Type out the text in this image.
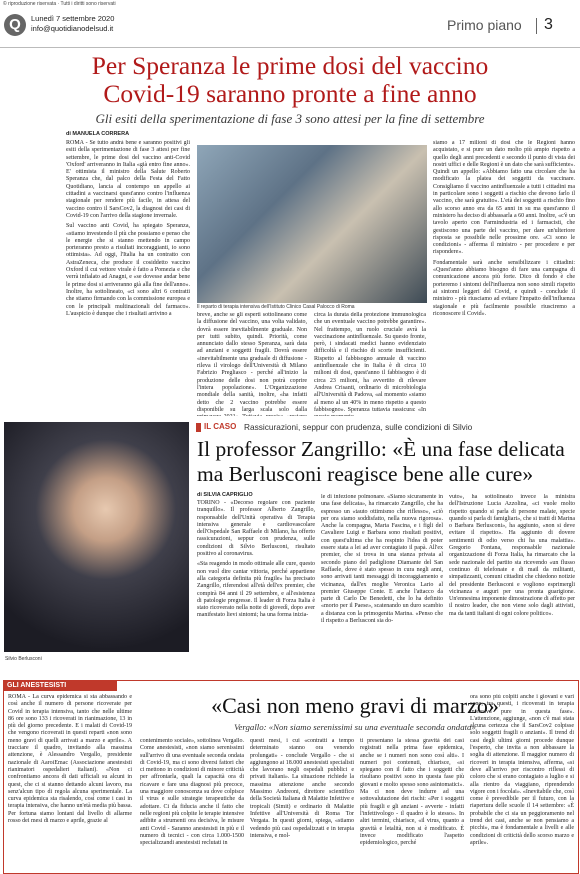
© riproduzione riservata · Tutti i diritti sono riservati
Q	Lunedì 7 settembre 2020
info@quotidianodelsud.it	Primo piano 3
Per Speranza le prime dosi del vaccino
Covid-19 saranno pronte a fine anno
Gli esiti della sperimentazione di fase 3 sono attesi per la fine di settembre
di MANUELA CORRERA
ROMA - Se tutto andrà bene e saranno positivi gli esiti della sperimentazione di fase 3 attesi per fine settembre, le prime dosi del vaccino anti-Covid 'Oxford' arriveranno in Italia «già entro fine anno». E' ottimista il ministro della Salute Roberto Speranza che, dal palco della Festa del Fatto Quotidiano, lancia al contempo un appello ai cittadini a vaccinarsi quest'anno contro l'influenza stagionale per rendere più facile, in attesa del vaccino contro il SarsCov2, la diagnosi dei casi di Covid-19 con l'arrivo della stagione invernale.
Sul vaccino anti Covid, ha spiegato Speranza, «stiamo investendo il più che possiamo e penso che le energie che si stanno mettendo in campo porteranno presto a risultati incoraggianti, io sono ottimista». Ad oggi, l'Italia ha un contratto con AstraZeneca, che produce il cosiddetto vaccino Oxford il cui vettore virale è fatto a Pomezia e che verrà infialato ad Anagni, e «se dovesse andar bene le prime dosi si arriveranno già alla fine dell'anno». Inoltre, ha sottolineato, «ci sono altri 6 contratti che stiamo firmando con la commissione europea e con le principali multinazionali del farmaco». L'auspicio è dunque che i risultati arrivino a
Il reparto di terapia intensiva dell’Istituto Clinico Casal Palocco di Roma
breve, anche se gli esperti sottolineano come la diffusione del vaccino, una volta validato, dovrà essere inevitabilmente graduale. Non per tutti subito, quindi. Priorità, come annunciato dallo stesso Speranza, sarà data ad anziani e soggetti fragili. Dovrà essere «inevitabilmente una graduale di diffusione - rileva il virologo dell'Università di Milano Fabrizio Pregliasco - perché all'inizio la produzione delle dosi non potrà coprire l'intera popolazione». L'Organizzazione mondiale della sanità, inoltre, «ha infatti detto che 2 vaccino potrebbe essere disponibile su larga scala solo dalla
circa la durata della protezione immunologica che un eventuale vaccino potrebbe garantire». Nel frattempo, un ruolo cruciale avrà la vaccinazione antinfluenzale. Su questo fronte, però, i sindacati medici hanno evidenziato difficoltà e il rischio di scorte insufficienti. Rispetto al fabbisogno annuale di vaccino antinfluenzale che in Italia è di circa 10 milioni di dosi, quest'anno il fabbisogno è di circa 23 milioni, ha avvertito di rilevare Andrea Crisanti, ordinario di microbiologia all'Università di Padova, «al momento «siamo al meno al un 40% in meno rispetto a questo fabbisogno». Speranza tuttavia rassicura: «In
siamo a 17 milioni di dosi che le Regioni hanno acquistato, e si pure un dato molto più ampio rispetto a quello degli anni precedenti e secondo il punto di vista dei nostri uffici e delle Regioni è un dato che sarà sufficiente». Quindi un appello: «Abbiamo fatto una circolare che ha modificato la platea dei soggetti da vaccinare. Consigliamo il vaccino antinfluenzale a tutti i cittadini ma in particolare sono i soggetti a rischio che devono farlo il vaccino, che sarà gratuito». L'età dei soggetti a rischio fino allo scorso anno era da 65 anni in su ma quest'anno il ministero ha deciso di abbassarla a 60 anni. Inoltre, «c'è un tavolo aperto con Farmindustria ed i farmacisti, che gestiscono una parte del vaccino, per dare un'ulteriore risposta se possibile nelle prossime ore. «Ci sono le condizioni» - afferma il ministro - per procedere e per rispondere».
Fondamentale sarà anche sensibilizzare i cittadini: «Quest'anno abbiamo bisogno di fare una campagna di comunicazione ancora più forte. Dico di fondo è che porteremo i sintomi dell'influenza non sono simili rispetto ai sintomi leggeri del Covid, e quindi - conclude il ministro - più riusciamo ad evitare l'impatto dell'influenza stagionale e più facilmente possibile riusciremo a riconoscere il Covid».
Silvio Berlusconi
IL CASO Rassicurazioni, seppur con prudenza, sulle condizioni di Silvio
Il professor Zangrillo: «È una fase delicata
ma Berlusconi reagisce bene alle cure»
di SILVIA CAPRIGLIO
TORINO - «Decorso regolare con paziente tranquillo». Il professor Alberto Zangrillo, responsabile dell'Unità operativa di Terapia intensiva generale e cardiovascolare dell'Ospedale San Raffaele di Milano, ha offerto rassicurazioni, seppur con prudenza, sulle condizioni di Silvio Berlusconi, risultato positivo al coronavirus.
«Sta reagendo in modo ottimale alle cure, questo non vuol dire cantar vittoria, perché appartiene alla categoria definita più fragile» ha precisato Zangrillo, riferendosi all'età dell'ex premier, che compirà 84 anni il 29 settembre, e all'esistenza di patologie pregresse. Il leader di Forza Italia è stato ricoverato nella notte di giovedì, dopo aver manifestato lievi sintomi; ha una forma inizia-
le di infezione polmonare. «Siamo sicuramente in una fase delicata», ha rimarcato Zangrillo, che ha espresso un «tauto ottimismo che riflesso», «ciò per ora siamo soddisfatto, nella nuova rigorosa». Anche la compagna, Marta Fascina, e i figli del Cavaliere Luigi e Barbara sono risultati positivi, con quest'ultima che ha respinto l'idea di poter essere stata a lei ad aver contagiato il papà. All'ex premier, che si trova in una stanza privata al secondo piano del padiglione Diamante del San Raffaele, dove è stato spesso in cura negli anni, sono arrivati tanti messaggi di incoraggiamento e vicinanza, dall'ex moglie Veronica Lario al premier Giuseppe Conte. E anche l'attacco da parte di Carlo De Benedetti, che lo ha definito «morto per il Paese», scatenando un duro scambio a distanza con la primogenita Marina. «Penso che il rispetto a Berlusconi sia do-
vuto», ha sottolineato invece la ministra dell'Istruzione Lucia Azzolina, «ci vuole molto rispetto quando si parla di persone malate, specie quando si parla di famigliari», che si tratti di Marina o Barbara Berlusconi», ha aggiunto, «non si deve evitare il rispetto». Ha aggiunto di dovere sentimenti di odio verso chi ha una malattia». Gregorio Fontana, responsabile nazionale organizzazione di Forza Italia, ha rimarcato che la sede nazionale del partito sta ricevendo «un flusso continuo di telefonate e di mail da militanti, simpatizzanti, comuni cittadini che chiedono notizie del presidente Berlusconi e vogliono esprimergli vicinanza e auguri per una pronta guarigione. Un'ennesima imponente dimostrazione di affetto per il nostro leader, che non viene solo dagli attivisti, ma da tanti italiani di ogni colore politico».
GLI ANESTESISTI
«Casi non meno gravi di marzo»
Vergallo: «Non siamo serenissimi su una eventuale seconda ondata»
ROMA - La curva epidemica si sta abbassando e così anche il numero di persone ricoverate per Covid in terapia intensiva, tanto che nelle ultime 86 ore sono 133 i ricoverati in rianimazione, 13 in più del giorno precedente. E i malati di Covid-19 che vengono ricoverati in questi reparti «non sono meno gravi di quelli arrivati a marzo e aprile». A tracciare il quadro, invitando alla massima attenzione, è Alessandro Vergallo, presidente nazionale di AaroiEmac (Associazione anestesisti rianimatori ospedalieri italiani). «Non ci confrontiamo ancora di dati ufficiali su alcuni in quest, che ci si stanno dettando alcuni lavoro, ma senz'alcun tipo di regola alcuna sperimentale. La curva epidemica sta risalendo, così come i casi in terapia intensiva, che hanno un'età media più bassa. Per fortuna siamo lontani dal livello di allarme rosso dei mesi di marzo e aprile, grazie al
contenimento sociale», sottolinea Vergallo. Come anestesisti, «non siamo serenissimi sull'arrivo di una eventuale seconda ondata di Covid-19, ma ci sono diversi fattori che ci mettono in condizioni di minore criticità per affrontarla, quali la capacità ora di ricavare e fare una diagnosi più precoce, una maggiore conoscenza su dove colpisce il virus e sulle strategie terapeutiche da adottare. Ci da fiducia anche il fatto che nelle regioni più colpite le terapie intensive adibite a strumenti ora decisiva, le misure anti Covid - Saranno anestesisti in più e il numero di tecnici - con circa 1.000-1500 specializzandi anestesisti reclutati in
questi mesi, i cui «contratti a tempo determinato stanno ora venendo prolungati» - conclude Vergallo - che si aggiungono ai 18.000 anestesisti specialisti che lavorano negli ospedali pubblici e privati italiani». La situazione richiede la massima attenzione anche secondo Massimo Andreoni, direttore scientifico della Società Italiana di Malattie Infettive e tropicali (Simit) e ordinario di Malattie Infettive all'Università di Roma Tor Vergata. In questi giorni, spiega, «stiamo vedendo più casi ospedalizzati e in terapia intensiva, e mol-
ti presentano la stessa gravità dei casi registrati nella prima fase epidemica, anche se i numeri non sono così alti». I numeri poi contenuti, chiarisce, «si spiegano con il fatto che i soggetti che risultano positivi sono in questa fase più giovani e molto spesso sono asintomatici». Ma ci non deve indurre ad una sottovalutazione dei rischi: «Per i soggetti più fragili e gli anziani - avverte - infatti l'infettivologo - il quadro è lo stesso». In altri termini, chiarisce, «il virus, quanto a gravità e letalità, non si è modificato. È invece modificato l'aspetto epidemiologico, perché
ora sono più colpiti anche i giovani e vari sono, tra questi, i ricoverati in terapia intensiva pure in questa fase». L'attenzione, aggiunge, «non c'è mai stata alcuna certezza che il SarsCov2 colpisse solo soggetti fragili o anziani». Il trend di casi degli ultimi giorni procede dunque l'esperto, che invita a non abbassare la soglia di attenzione. Il maggior numero di ricoveri in terapia intensiva, afferma, «si deve all'arrivo per riscontro riflessi di coloro che si erano contagiato a luglio e si alla rientro da viaggiano, riprendendo vigore con i focolai». «Inevitabile che, così come è prevedibile per il futuro, con la riapertura delle scuole il 14 settembre: «È probabile che ci sia un peggioramento nel trend dei casi, anche se non pensiamo a picchi», ma è fondamentale a livelli e alle condizioni di criticità dello scorso marzo e aprile».
